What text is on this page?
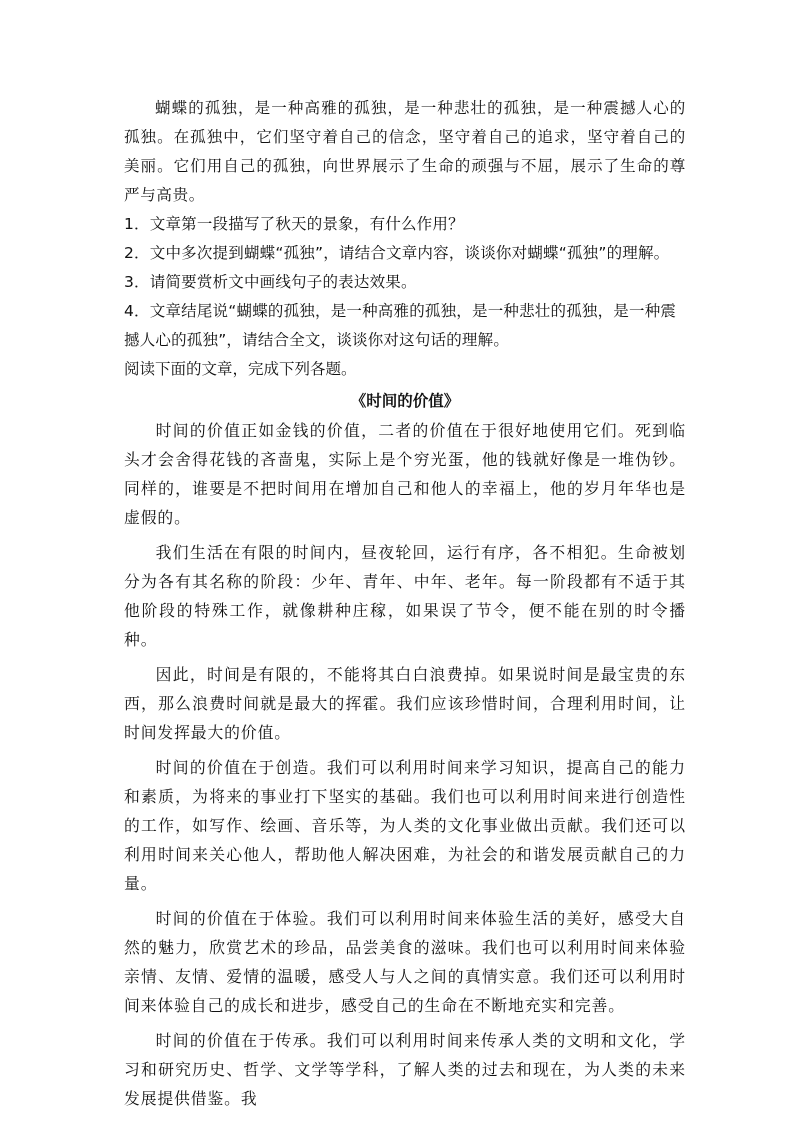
蝴蝶的孤独，是一种高雅的孤独，是一种悲壮的孤独，是一种震撼人心的孤独。在孤独中，它们坚守着自己的信念，坚守着自己的追求，坚守着自己的美丽。它们用自己的孤独，向世界展示了生命的顽强与不屈，展示了生命的尊严与高贵。

1．文章第一段描写了秋天的景象，有什么作用？

2．文中多次提到蝴蝶“孤独”，请结合文章内容，谈谈你对蝴蝶“孤独”的理解。

3．请简要赏析文中画线句子的表达效果。

4．文章结尾说“蝴蝶的孤独，是一种高雅的孤独，是一种悲壮的孤独，是一种震撼人心的孤独”，请结合全文，谈谈你对这句话的理解。

阅读下面的文章，完成下列各题。

《时间的价值》

时间的价值正如金钱的价值，二者的价值在于很好地使用它们。死到临头才会舍得花钱的吝啬鬼，实际上是个穷光蛋，他的钱就好像是一堆伪钞。同样的，谁要是不把时间用在增加自己和他人的幸福上，他的岁月年华也是虚假的。

我们生活在有限的时间内，昼夜轮回，运行有序，各不相犯。生命被划分为各有其名称的阶段：少年、青年、中年、老年。每一阶段都有不适于其他阶段的特殊工作，就像耕种庄稼，如果误了节令，便不能在别的时令播种。

因此，时间是有限的，不能将其白白浪费掉。如果说时间是最宝贵的东西，那么浪费时间就是最大的挥霍。我们应该珍惜时间，合理利用时间，让时间发挥最大的价值。

时间的价值在于创造。我们可以利用时间来学习知识，提高自己的能力和素质，为将来的事业打下坚实的基础。我们也可以利用时间来进行创造性的工作，如写作、绘画、音乐等，为人类的文化事业做出贡献。我们还可以利用时间来关心他人，帮助他人解决困难，为社会的和谐发展贡献自己的力量。

时间的价值在于体验。我们可以利用时间来体验生活的美好，感受大自然的魅力，欣赏艺术的珍品，品尝美食的滋味。我们也可以利用时间来体验亲情、友情、爱情的温暖，感受人与人之间的真情实意。我们还可以利用时间来体验自己的成长和进步，感受自己的生命在不断地充实和完善。

时间的价值在于传承。我们可以利用时间来传承人类的文明和文化，学习和研究历史、哲学、文学等学科，了解人类的过去和现在，为人类的未来发展提供借鉴。我
